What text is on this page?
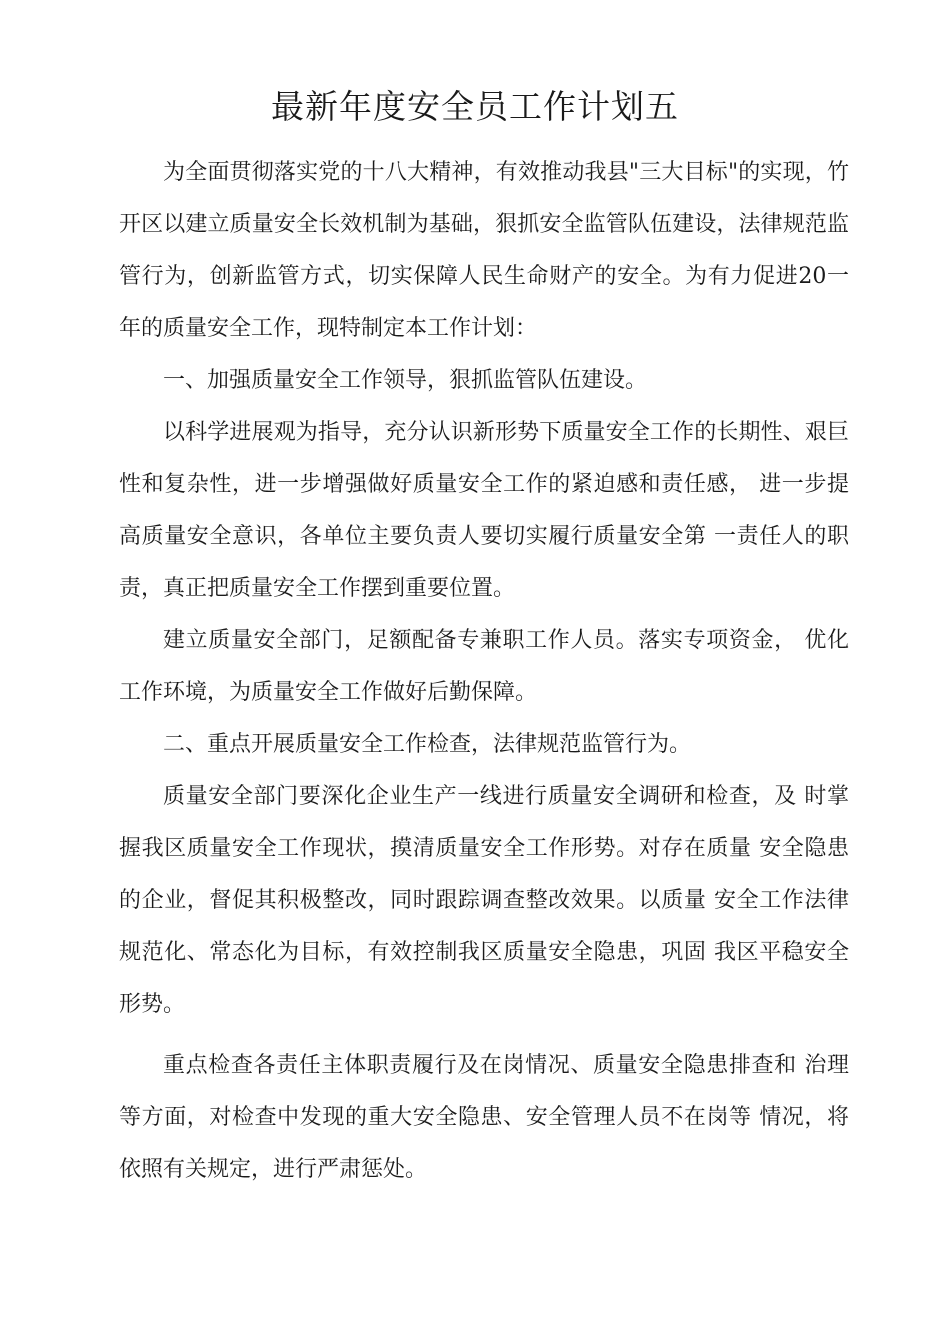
最新年度安全员工作计划五

为全面贯彻落实党的十八大精神，有效推动我县"三大目标"的实现，竹开区以建立质量安全长效机制为基础，狠抓安全监管队伍建设，法律规范监管行为，创新监管方式，切实保障人民生命财产的安全。为有力促进20一年的质量安全工作，现特制定本工作计划：

一、加强质量安全工作领导，狠抓监管队伍建设。

以科学进展观为指导，充分认识新形势下质量安全工作的长期性、艰巨性和复杂性，进一步增强做好质量安全工作的紧迫感和责任感， 进一步提高质量安全意识，各单位主要负责人要切实履行质量安全第 一责任人的职责，真正把质量安全工作摆到重要位置。

建立质量安全部门，足额配备专兼职工作人员。落实专项资金， 优化工作环境，为质量安全工作做好后勤保障。

二、重点开展质量安全工作检查，法律规范监管行为。

质量安全部门要深化企业生产一线进行质量安全调研和检查，及 时掌握我区质量安全工作现状，摸清质量安全工作形势。对存在质量 安全隐患的企业，督促其积极整改，同时跟踪调查整改效果。以质量 安全工作法律规范化、常态化为目标，有效控制我区质量安全隐患，巩固 我区平稳安全形势。

重点检查各责任主体职责履行及在岗情况、质量安全隐患排查和 治理等方面，对检查中发现的重大安全隐患、安全管理人员不在岗等 情况，将依照有关规定，进行严肃惩处。
